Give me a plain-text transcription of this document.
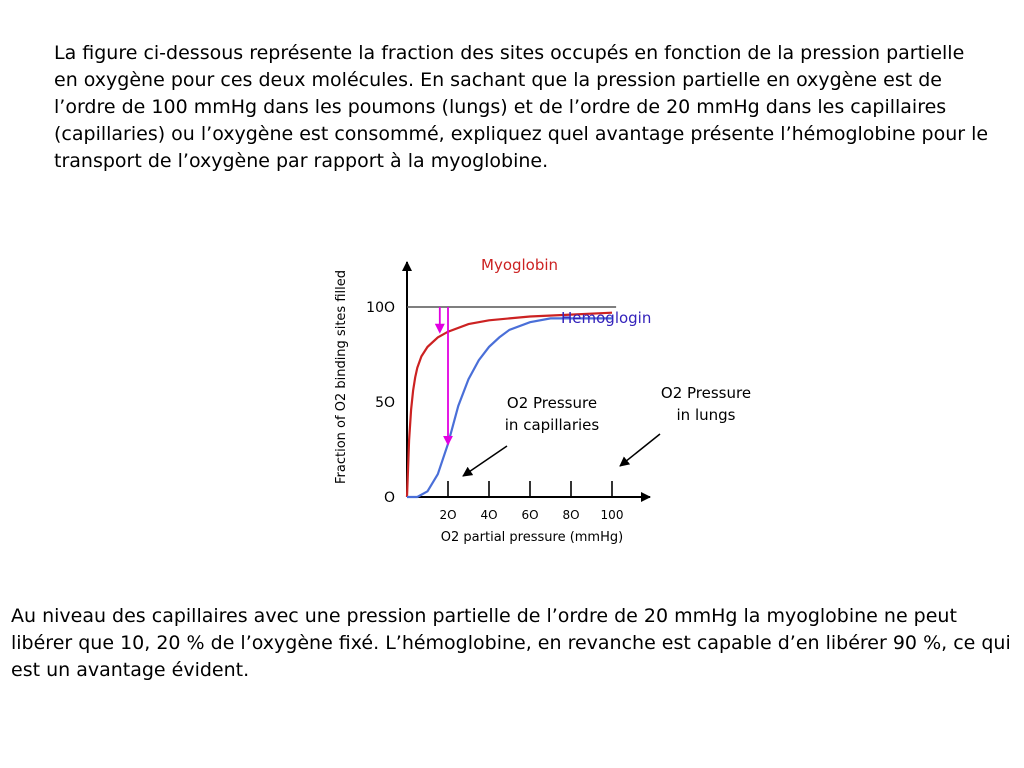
La figure ci-dessous représente la fraction des sites occupés en fonction de la pression partielle en oxygène pour ces deux molécules. En sachant que la pression partielle en oxygène est de l’ordre de 100 mmHg dans les poumons (lungs) et de l’ordre de 20 mmHg dans les capillaires (capillaries) ou l’oxygène est consommé, expliquez quel avantage présente l’hémoglobine pour le transport de l’oxygène par rapport à la myoglobine.

2O 4O 6O 8O 100
O
5O
10O
Myoglobin
Hemoglogin
O2 partial pressure (mmHg)
Fraction of O2 binding sites filled	O2 Pressure
in capillaries
O2 Pressure
in lungs

Au niveau des capillaires avec une pression partielle de l’ordre de 20 mmHg la myoglobine ne peut libérer que 10, 20 % de l’oxygène fixé. L’hémoglobine, en revanche est capable d’en libérer 90 %, ce qui est un avantage évident.
